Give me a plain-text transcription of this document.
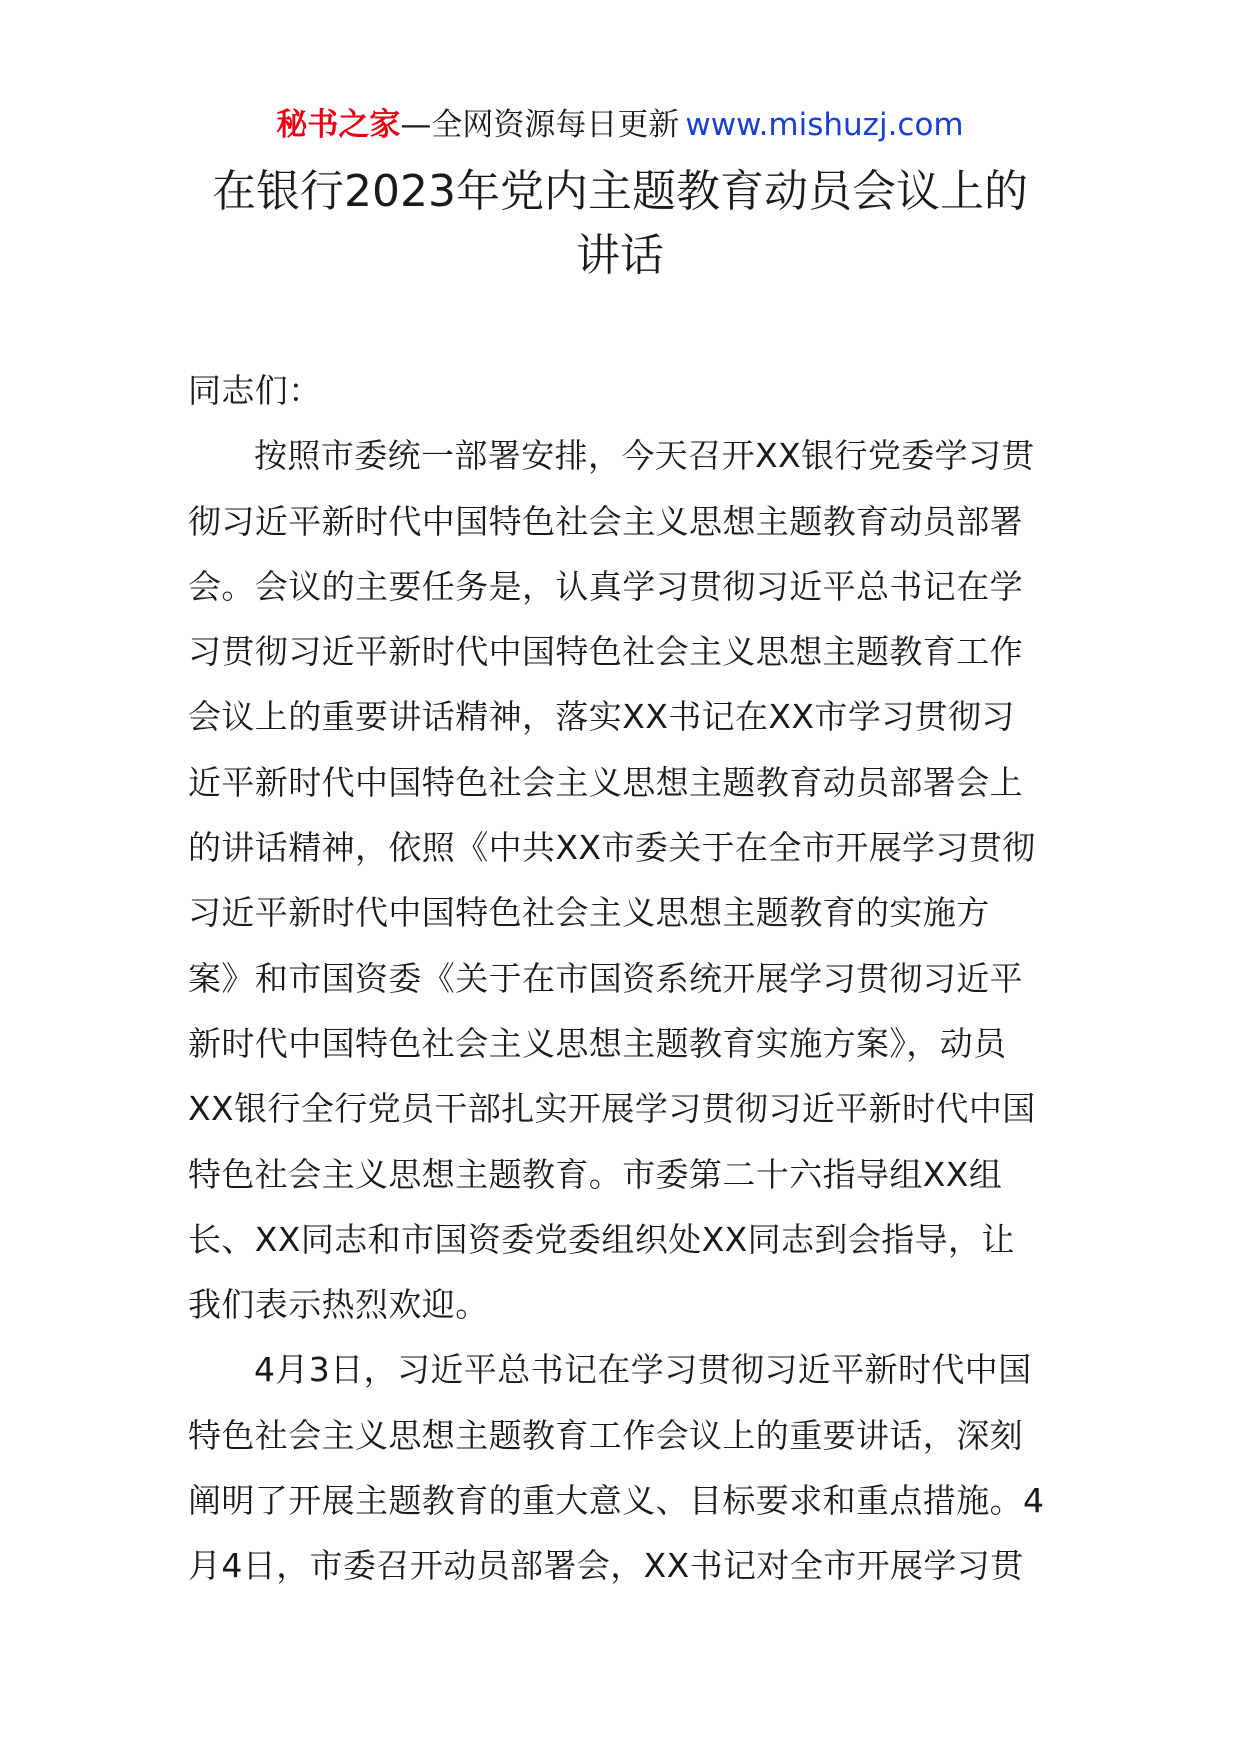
秘书之家—全网资源每日更新 www.mishuzj.com
在银行2023年党内主题教育动员会议上的
讲话
同志们：
按照市委统一部署安排，今天召开XX银行党委学习贯
彻习近平新时代中国特色社会主义思想主题教育动员部署
会。会议的主要任务是，认真学习贯彻习近平总书记在学
习贯彻习近平新时代中国特色社会主义思想主题教育工作
会议上的重要讲话精神，落实XX书记在XX市学习贯彻习
近平新时代中国特色社会主义思想主题教育动员部署会上
的讲话精神，依照《中共XX市委关于在全市开展学习贯彻
习近平新时代中国特色社会主义思想主题教育的实施方
案》和市国资委《关于在市国资系统开展学习贯彻习近平
新时代中国特色社会主义思想主题教育实施方案》，动员
XX银行全行党员干部扎实开展学习贯彻习近平新时代中国
特色社会主义思想主题教育。市委第二十六指导组XX组
长、XX同志和市国资委党委组织处XX同志到会指导，让
我们表示热烈欢迎。
4月3日，习近平总书记在学习贯彻习近平新时代中国
特色社会主义思想主题教育工作会议上的重要讲话，深刻
阐明了开展主题教育的重大意义、目标要求和重点措施。4
月4日，市委召开动员部署会，XX书记对全市开展学习贯
